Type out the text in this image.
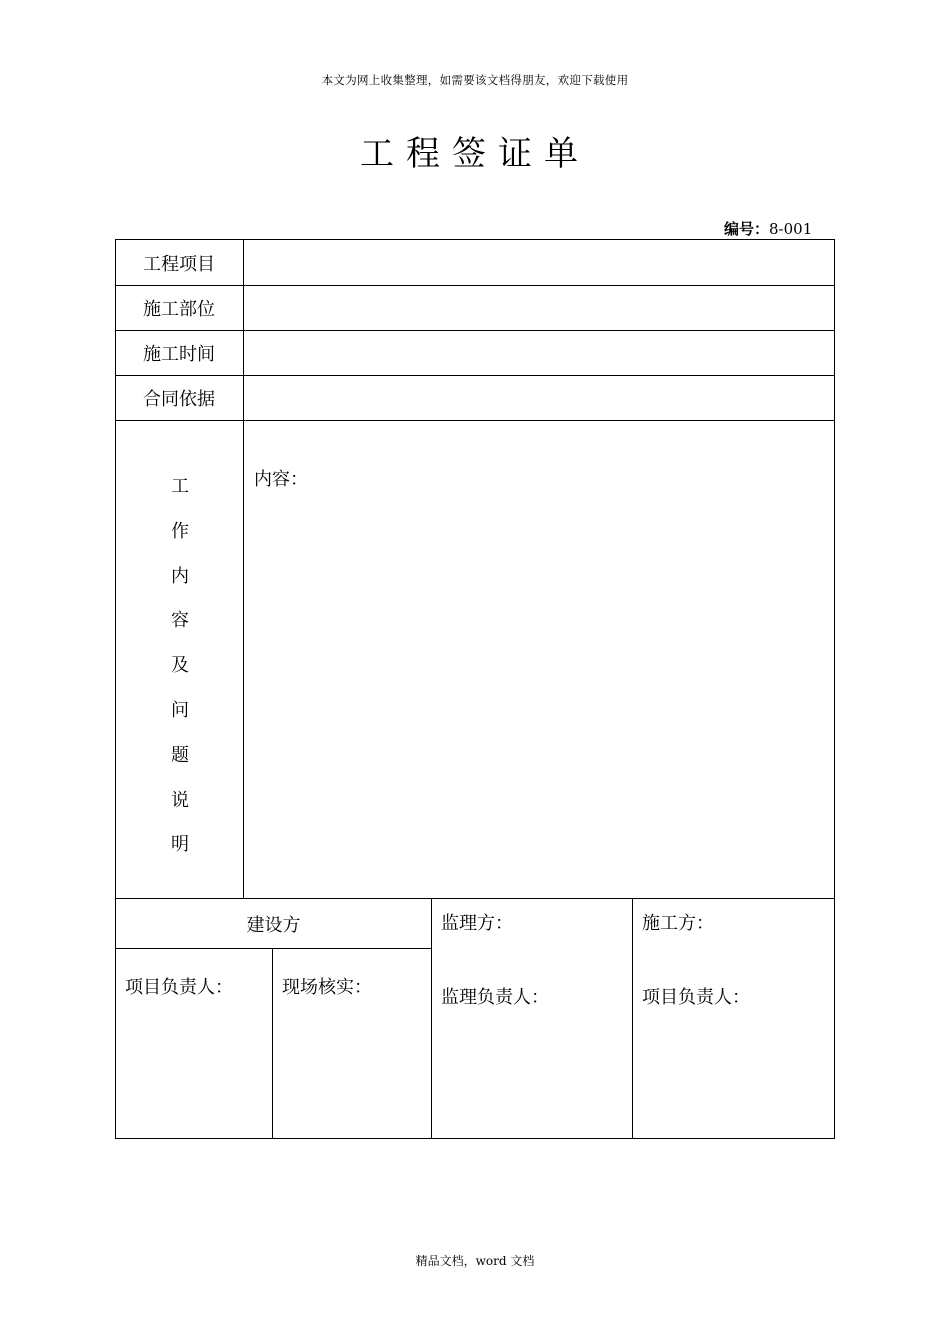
本文为网上收集整理，如需要该文档得朋友，欢迎下载使用
工程签证单
编号：8-001
工程项目
施工部位
施工时间
合同依据
工
作
内
容
及
问
题
说
明
内容：
建设方
项目负责人：	现场核实：
监理方：
监理负责人：
施工方：
项目负责人：
精品文档，word 文档
